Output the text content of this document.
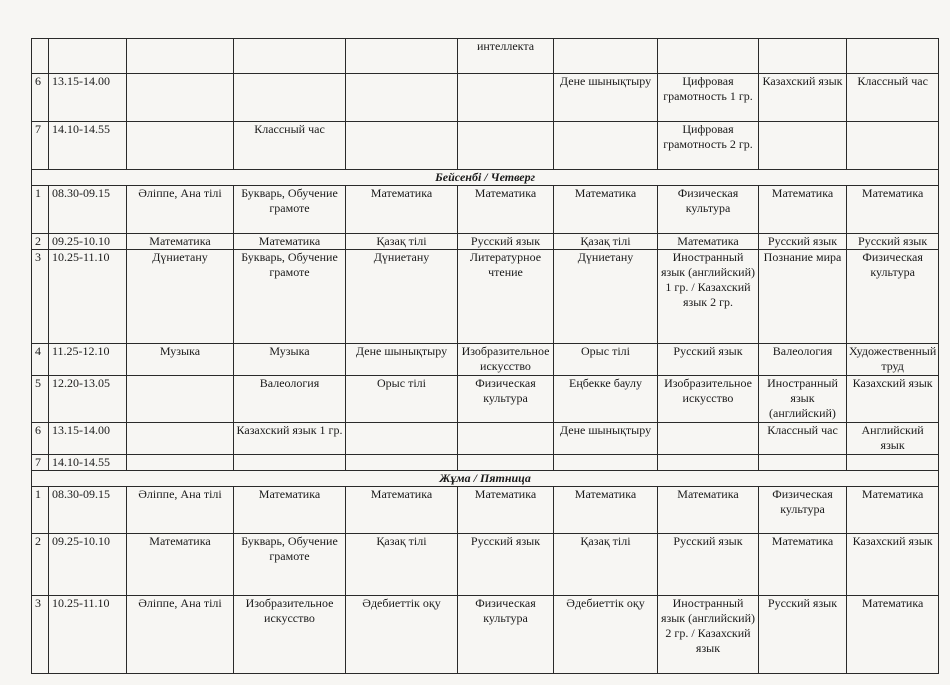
					интеллекта				
6	13.15-14.00					Дене шынықтыру	Цифровая грамотность 1 гр.	Казахский язык	Классный час
7	14.10-14.55		Классный час				Цифровая грамотность 2 гр.		
Бейсенбі / Четверг									
1	08.30-09.15	Әліппе, Ана тілі	Букварь, Обучение грамоте	Математика	Математика	Математика	Физическая культура	Математика	Математика
2	09.25-10.10	Математика	Математика	Қазақ тілі	Русский язык	Қазақ тілі	Математика	Русский язык	Русский язык
3	10.25-11.10	Дүниетану	Букварь, Обучение грамоте	Дүниетану	Литературное чтение	Дүниетану	Иностранный язык (английский) 1 гр. / Казахский язык 2 гр.	Познание мира	Физическая культура
4	11.25-12.10	Музыка	Музыка	Дене шынықтыру	Изобразительное искусство	Орыс тілі	Русский язык	Валеология	Художественный труд
5	12.20-13.05		Валеология	Орыс тілі	Физическая культура	Еңбекке баулу	Изобразительное искусство	Иностранный язык (английский)	Казахский язык
6	13.15-14.00		Казахский язык 1 гр.			Дене шынықтыру		Классный час	Английский язык
7	14.10-14.55								
Жұма / Пятница									
1	08.30-09.15	Әліппе, Ана тілі	Математика	Математика	Математика	Математика	Математика	Физическая культура	Математика
2	09.25-10.10	Математика	Букварь, Обучение грамоте	Қазақ тілі	Русский язык	Қазақ тілі	Русский язык	Математика	Казахский язык
3	10.25-11.10	Әліппе, Ана тілі	Изобразительное искусство	Әдебиеттік оқу	Физическая культура	Әдебиеттік оқу	Иностранный язык (английский) 2 гр. / Казахский язык	Русский язык	Математика
